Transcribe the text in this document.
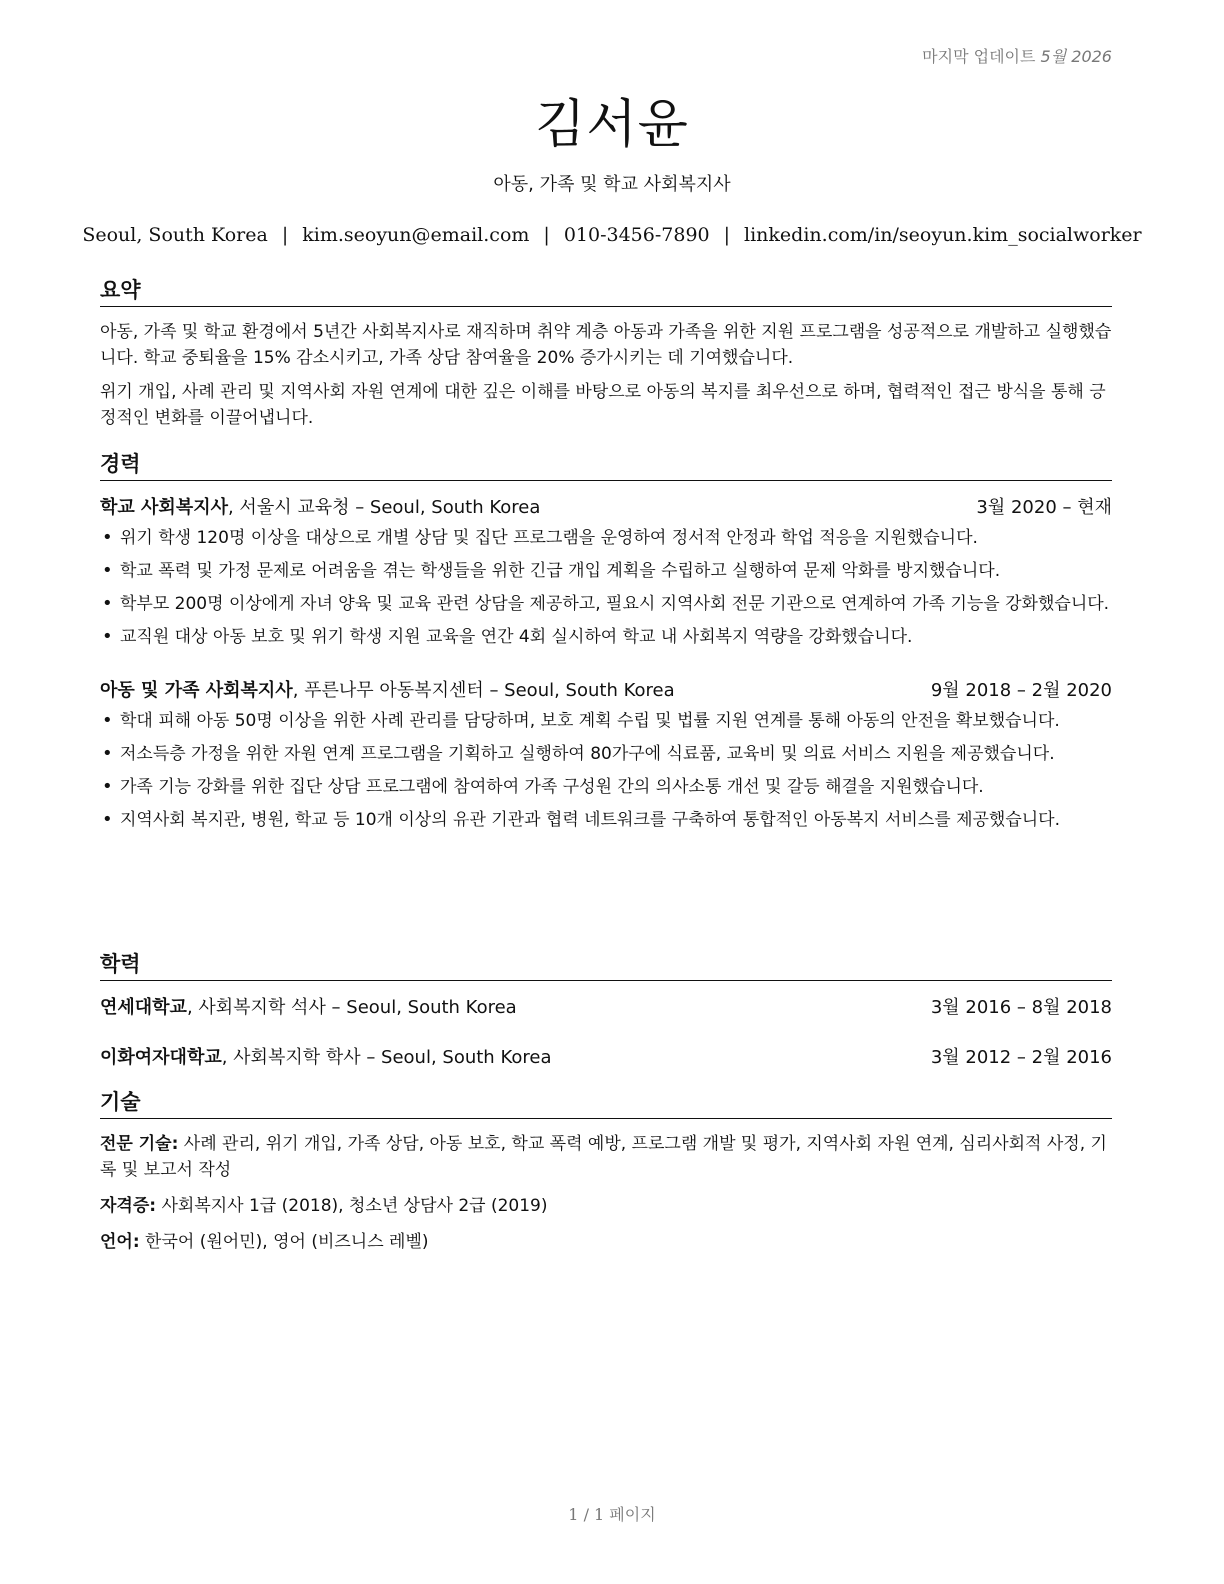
마지막 업데이트 5월 2026
김서윤
아동, 가족 및 학교 사회복지사
Seoul, South Korea | kim.seoyun@email.com | 010-3456-7890 | linkedin.com/in/seoyun.kim_socialworker
요약

아동, 가족 및 학교 환경에서 5년간 사회복지사로 재직하며 취약 계층 아동과 가족을 위한 지원 프로그램을 성공적으로 개발하고 실행했습니다. 학교 중퇴율을 15% 감소시키고, 가족 상담 참여율을 20% 증가시키는 데 기여했습니다.

위기 개입, 사례 관리 및 지역사회 자원 연계에 대한 깊은 이해를 바탕으로 아동의 복지를 최우선으로 하며, 협력적인 접근 방식을 통해 긍정적인 변화를 이끌어냅니다.

경력
학교 사회복지사, 서울시 교육청 – Seoul, South Korea	3월 2020 – 현재
• 위기 학생 120명 이상을 대상으로 개별 상담 및 집단 프로그램을 운영하여 정서적 안정과 학업 적응을 지원했습니다.
• 학교 폭력 및 가정 문제로 어려움을 겪는 학생들을 위한 긴급 개입 계획을 수립하고 실행하여 문제 악화를 방지했습니다.
• 학부모 200명 이상에게 자녀 양육 및 교육 관련 상담을 제공하고, 필요시 지역사회 전문 기관으로 연계하여 가족 기능을 강화했습니다.
• 교직원 대상 아동 보호 및 위기 학생 지원 교육을 연간 4회 실시하여 학교 내 사회복지 역량을 강화했습니다.
아동 및 가족 사회복지사, 푸른나무 아동복지센터 – Seoul, South Korea	9월 2018 – 2월 2020
• 학대 피해 아동 50명 이상을 위한 사례 관리를 담당하며, 보호 계획 수립 및 법률 지원 연계를 통해 아동의 안전을 확보했습니다.
• 저소득층 가정을 위한 자원 연계 프로그램을 기획하고 실행하여 80가구에 식료품, 교육비 및 의료 서비스 지원을 제공했습니다.
• 가족 기능 강화를 위한 집단 상담 프로그램에 참여하여 가족 구성원 간의 의사소통 개선 및 갈등 해결을 지원했습니다.
• 지역사회 복지관, 병원, 학교 등 10개 이상의 유관 기관과 협력 네트워크를 구축하여 통합적인 아동복지 서비스를 제공했습니다.
학력
연세대학교, 사회복지학 석사 – Seoul, South Korea	3월 2016 – 8월 2018
이화여자대학교, 사회복지학 학사 – Seoul, South Korea	3월 2012 – 2월 2016
기술

전문 기술: 사례 관리, 위기 개입, 가족 상담, 아동 보호, 학교 폭력 예방, 프로그램 개발 및 평가, 지역사회 자원 연계, 심리사회적 사정, 기록 및 보고서 작성

자격증: 사회복지사 1급 (2018), 청소년 상담사 2급 (2019)

언어: 한국어 (원어민), 영어 (비즈니스 레벨)

1 / 1 페이지
